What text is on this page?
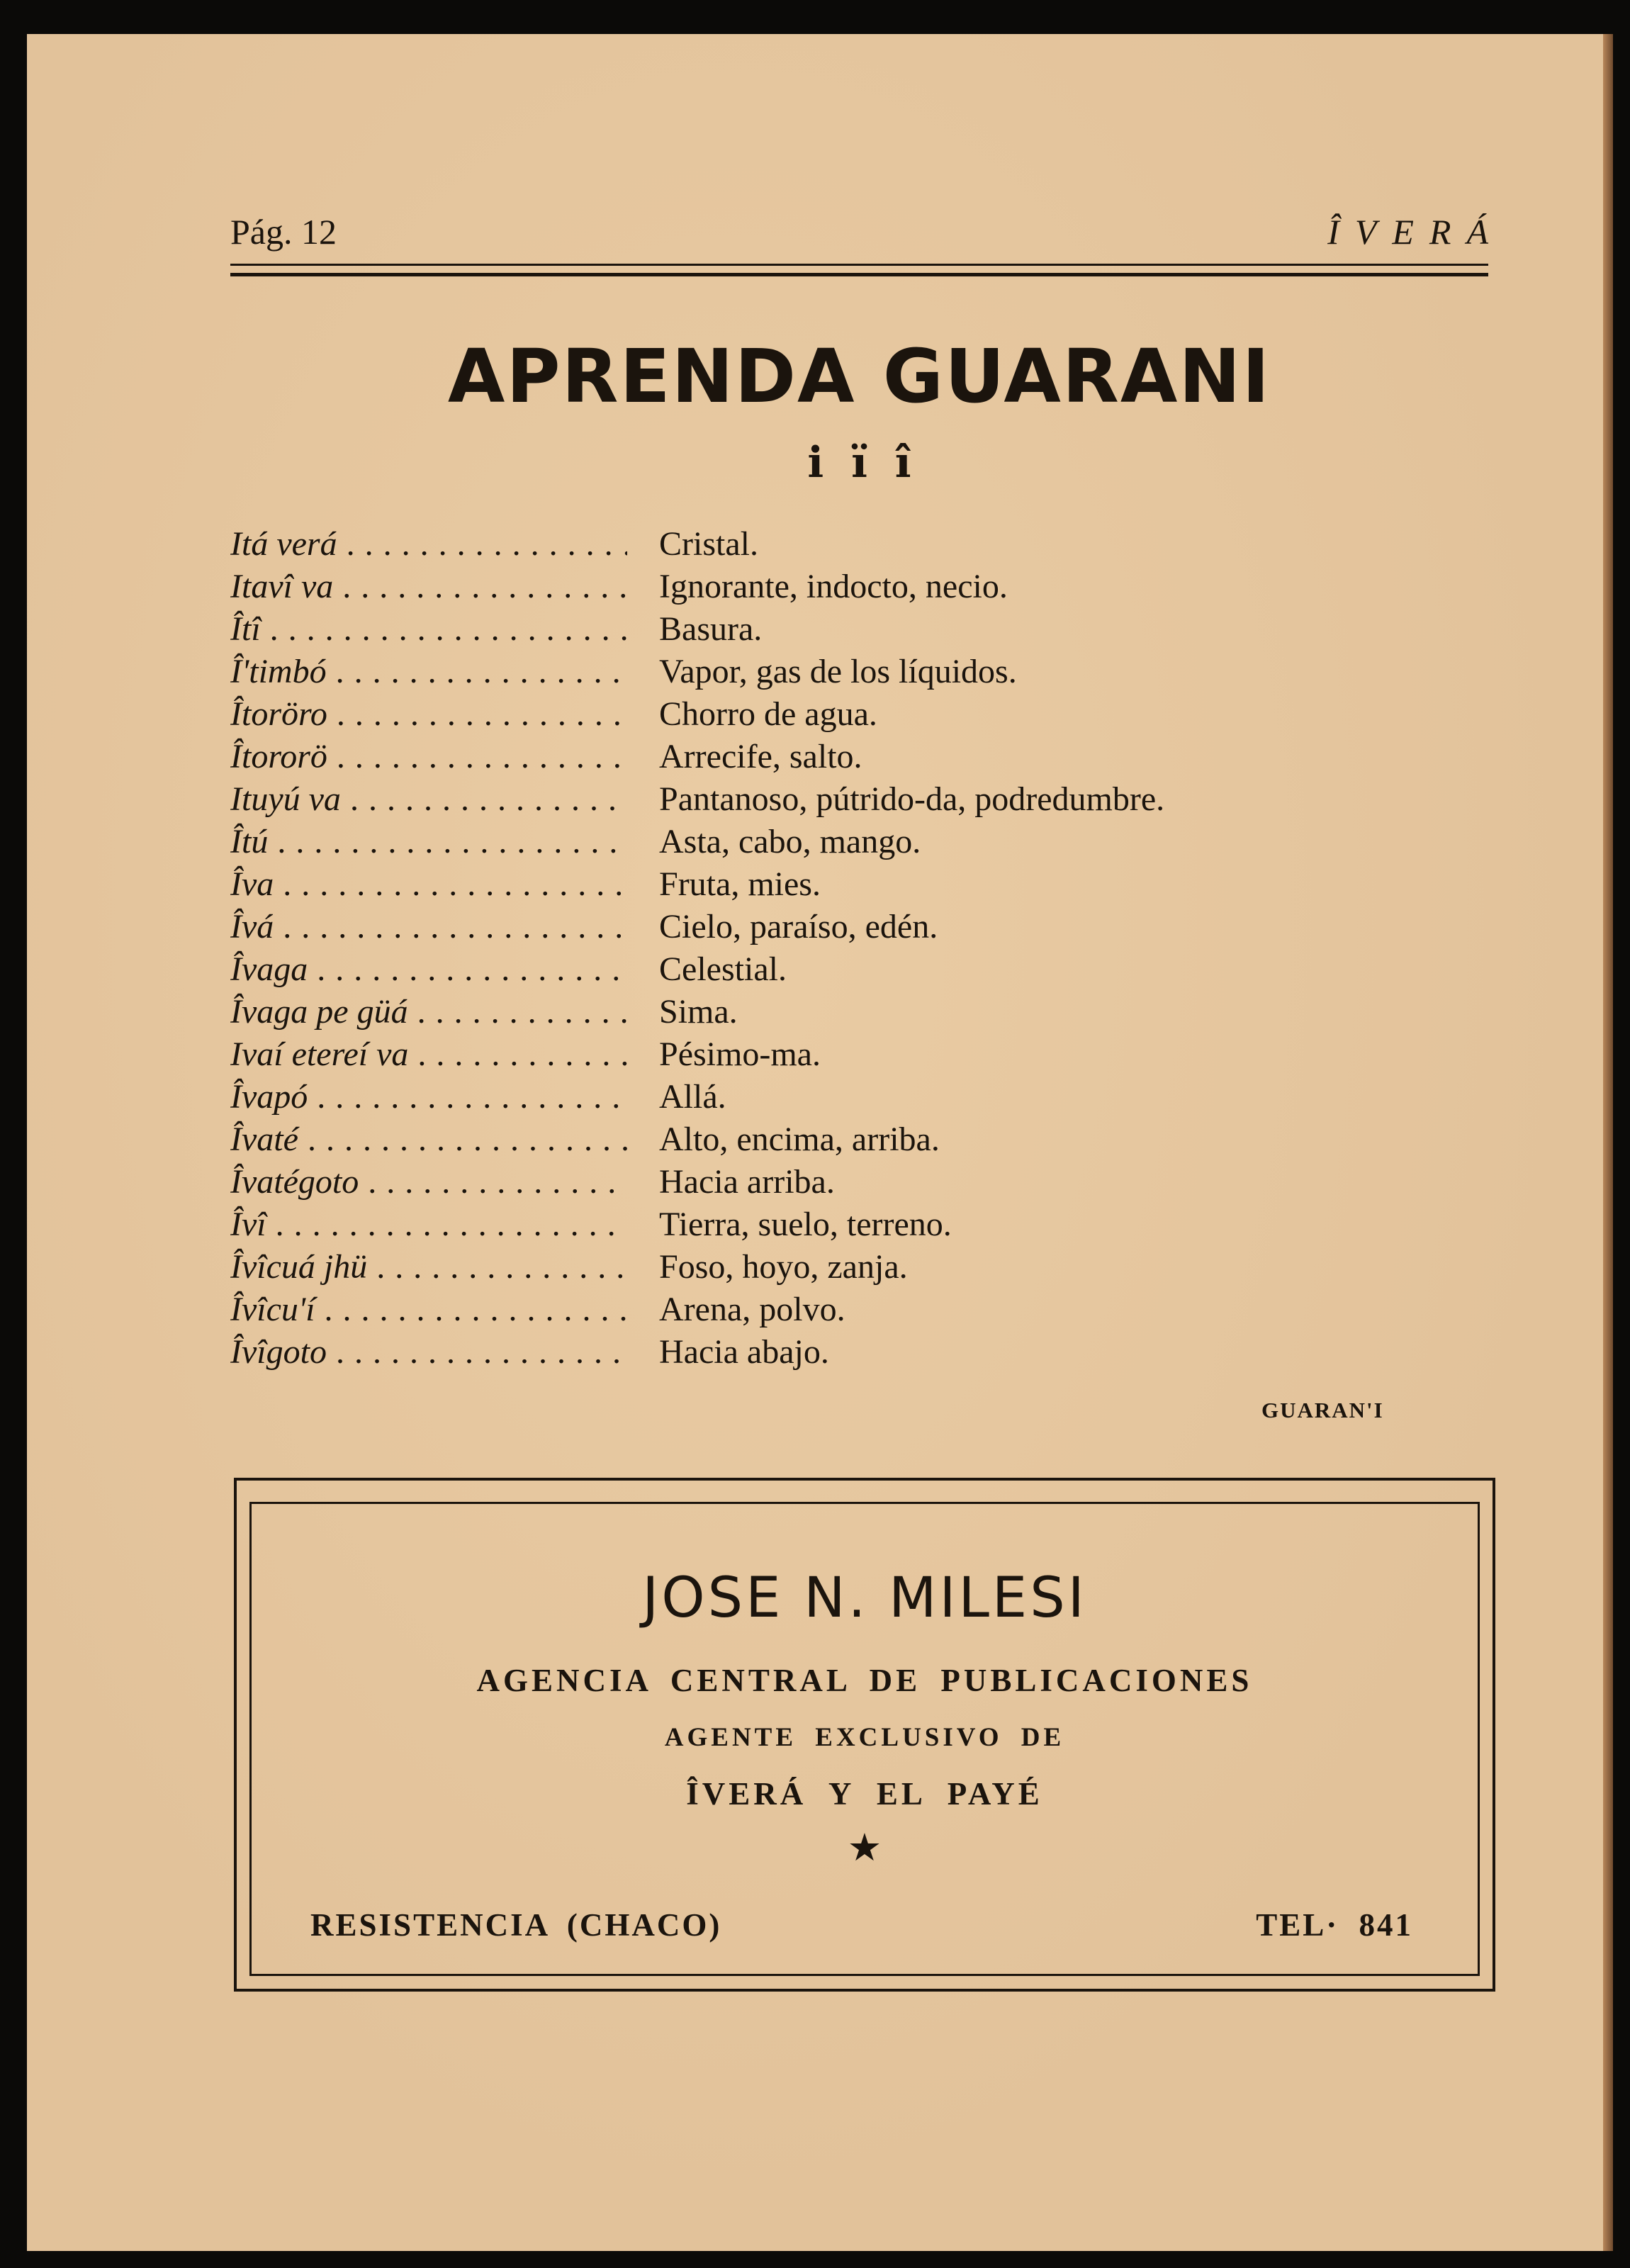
Pág. 12	ÎVERÁ
APRENDA GUARANI
i ï î
Itá verá . . .	Cristal.
Itavî va . . .	Ignorante, indocto, necio.
Îtî . . .	Basura.
Î'timbó . . .	Vapor, gas de los líquidos.
Îtoröro . . .	Chorro de agua.
Îtororö . . .	Arrecife, salto.
Ituyú va . . .	Pantanoso, pútrido-da, podredumbre.
Îtú . . .	Asta, cabo, mango.
Îva . . .	Fruta, mies.
Îvá . . .	Cielo, paraíso, edén.
Îvaga . . .	Celestial.
Îvaga pe güá . . .	Sima.
Ivaí etereí va . . .	Pésimo-ma.
Îvapó . . .	Allá.
Îvaté . . .	Alto, encima, arriba.
Îvatégoto . . .	Hacia arriba.
Îvî . . .	Tierra, suelo, terreno.
Îvîcuá jhü . . .	Foso, hoyo, zanja.
Îvîcu'í . . .	Arena, polvo.
Îvîgoto . . .	Hacia abajo.
GUARAN'I
JOSE N. MILESI
AGENCIA CENTRAL DE PUBLICACIONES
AGENTE EXCLUSIVO DE
ÎVERÁ Y EL PAYÉ
★
RESISTENCIA (CHACO)	TEL· 841
